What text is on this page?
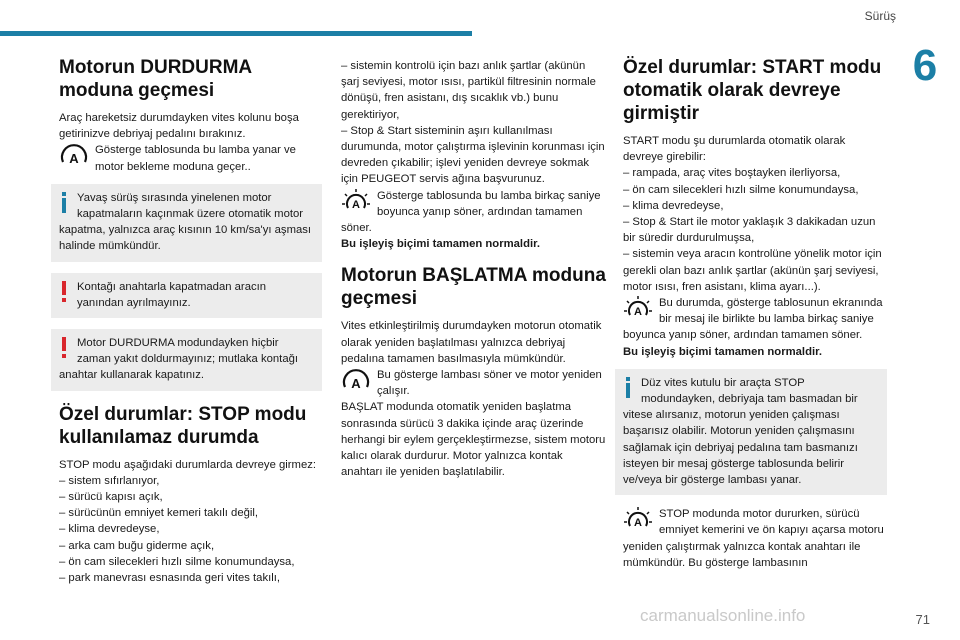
Sürüş
6
Motorun DURDURMA moduna geçmesi

Araç hareketsiz durumdayken vites kolunu boşa getirinizve debriyaj pedalını bırakınız.

A

Gösterge tablosunda bu lamba yanar ve motor bekleme moduna geçer..

Yavaş sürüş sırasında yinelenen motor kapatmaların kaçınmak üzere otomatik motor kapatma, yalnızca araç kısının 10 km/sa'yı aşması halinde mümkündür.

Kontağı anahtarla kapatmadan aracın yanından ayrılmayınız.

Motor DURDURMA modundayken hiçbir zaman yakıt doldurmayınız; mutlaka kontağı anahtar kullanarak kapatınız.

Özel durumlar: STOP modu kullanılamaz durumda

STOP modu aşağıdaki durumlarda devreye girmez:

– sistem sıfırlanıyor,

– sürücü kapısı açık,

– sürücünün emniyet kemeri takılı değil,

– klima devredeyse,

– arka cam buğu giderme açık,

– ön cam silecekleri hızlı silme konumundaysa,

– park manevrası esnasında geri vites takılı,

– sistemin kontrolü için bazı anlık şartlar (akünün şarj seviyesi, motor ısısı, partikül filtresinin normale dönüşü, fren asistanı, dış sıcaklık vb.) bunu gerektiriyor,

– Stop & Start sisteminin aşırı kullanılması durumunda, motor çalıştırma işlevinin korunması için devreden çıkabilir; işlevi yeniden devreye sokmak için PEUGEOT servis ağına başvurunuz.

A

Gösterge tablosunda bu lamba birkaç saniye boyunca yanıp söner, ardından tamamen söner.

Bu işleyiş biçimi tamamen normaldir.

Motorun BAŞLATMA moduna geçmesi

Vites etkinleştirilmiş durumdayken motorun otomatik olarak yeniden başlatılması yalnızca debriyaj pedalına tamamen basılmasıyla mümkündür.

A

Bu gösterge lambası söner ve motor yeniden çalışır.

BAŞLAT modunda otomatik yeniden başlatma sonrasında sürücü 3 dakika içinde araç üzerinde herhangi bir eylem gerçekleştirmezse, sistem motoru kalıcı olarak durdurur. Motor yalnızca kontak anahtarı ile yeniden başlatılabilir.

Özel durumlar: START modu otomatik olarak devreye girmiştir

START modu şu durumlarda otomatik olarak devreye girebilir:

– rampada, araç vites boştayken ilerliyorsa,

– ön cam silecekleri hızlı silme konumundaysa,

– klima devredeyse,

– Stop & Start ile motor yaklaşık 3 dakikadan uzun bir süredir durdurulmuşsa,

– sistemin veya aracın kontrolüne yönelik motor için gerekli olan bazı anlık şartlar (akünün şarj seviyesi, motor ısısı, fren asistanı, klima ayarı...).

A

Bu durumda, gösterge tablosunun ekranında bir mesaj ile birlikte bu lamba birkaç saniye boyunca yanıp söner, ardından tamamen söner.

Bu işleyiş biçimi tamamen normaldir.

Düz vites kutulu bir araçta STOP modundayken, debriyaja tam basmadan bir vitese alırsanız, motorun yeniden çalışması başarısız olabilir. Motorun yeniden çalışmasını sağlamak için debriyaj pedalına tam basmanızı isteyen bir mesaj gösterge tablosunda belirir ve/veya bir gösterge lambası yanar.

A

STOP modunda motor dururken, sürücü emniyet kemerini ve ön kapıyı açarsa motoru yeniden çalıştırmak yalnızca kontak anahtarı ile mümkündür. Bu gösterge lambasının

carmanualsonline.info	71
